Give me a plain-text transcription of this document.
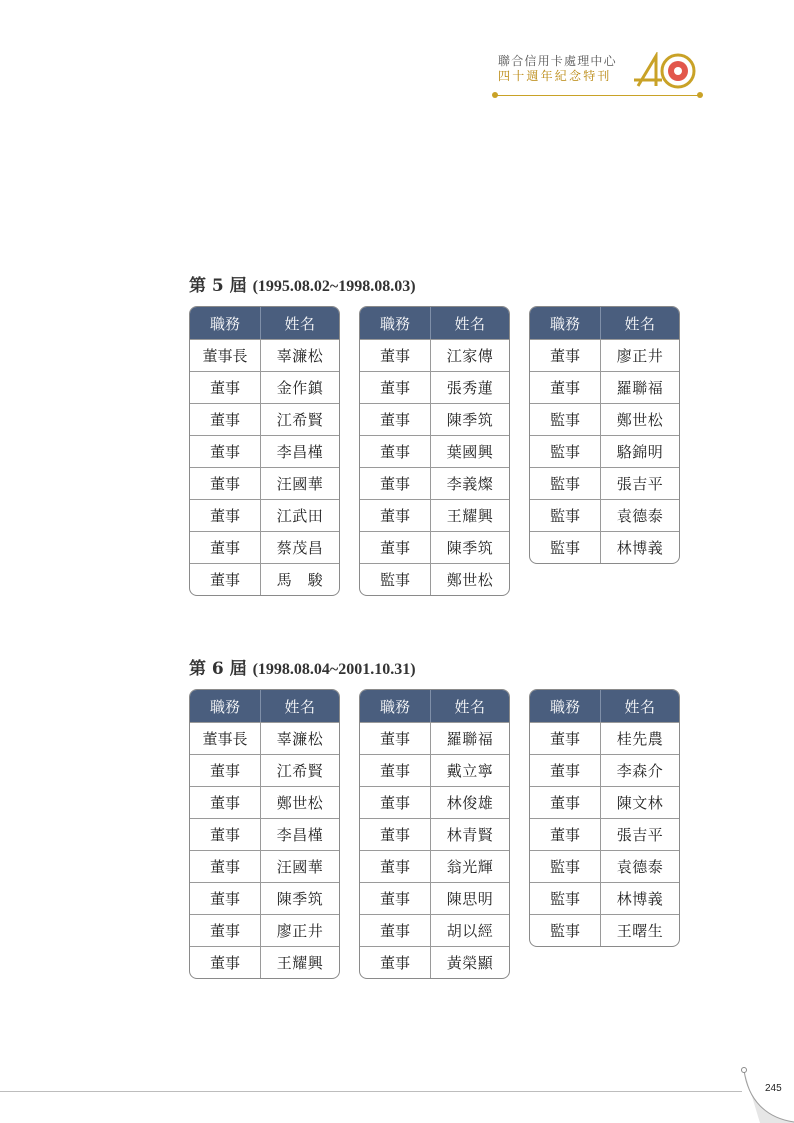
聯合信用卡處理中心
四十週年紀念特刊
第 5 屆 (1995.08.02~1998.08.03)
職務	姓名
董事長	辜濂松
董事	金作鎮
董事	江希賢
董事	李昌槿
董事	汪國華
董事	江武田
董事	蔡茂昌
董事	馬　駿
職務	姓名
董事	江家傳
董事	張秀蓮
董事	陳季筑
董事	葉國興
董事	李義燦
董事	王耀興
董事	陳季筑
監事	鄭世松
職務	姓名
董事	廖正井
董事	羅聯福
監事	鄭世松
監事	駱錦明
監事	張吉平
監事	袁德泰
監事	林博義
第 6 屆 (1998.08.04~2001.10.31)
職務	姓名
董事長	辜濂松
董事	江希賢
董事	鄭世松
董事	李昌槿
董事	汪國華
董事	陳季筑
董事	廖正井
董事	王耀興
職務	姓名
董事	羅聯福
董事	戴立寧
董事	林俊雄
董事	林青賢
董事	翁光輝
董事	陳思明
董事	胡以經
董事	黃榮顯
職務	姓名
董事	桂先農
董事	李森介
董事	陳文林
董事	張吉平
監事	袁德泰
監事	林博義
監事	王曙生
245
